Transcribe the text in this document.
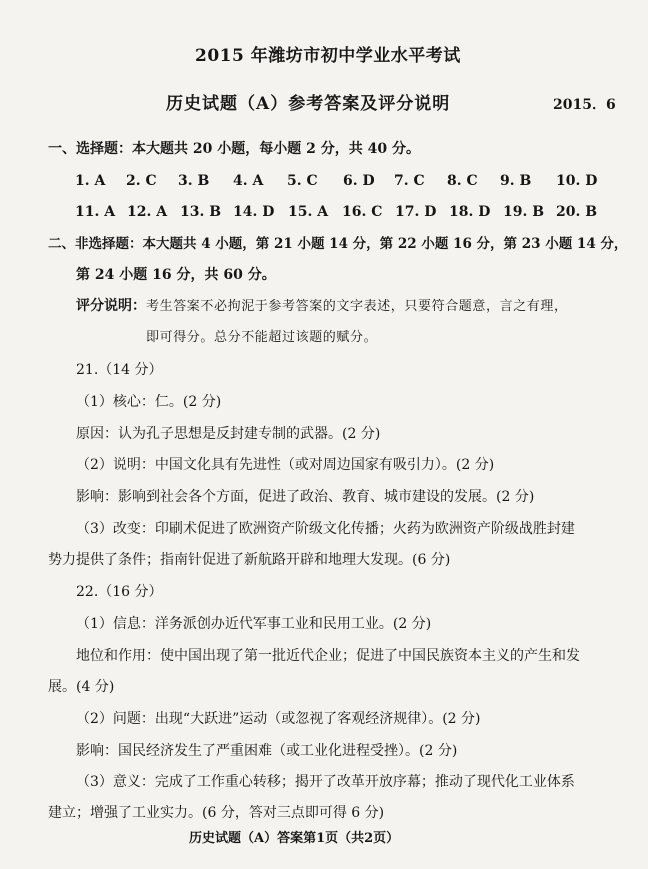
2015 年潍坊市初中学业水平考试
历史试题（A）参考答案及评分说明	2015．6
一、选择题：本大题共 20 小题，每小题 2 分，共 40 分。
1. A 2. C 3. B 4. A 5. C 6. D 7. C 8. C 9. B 10. D
11. A 12. A 13. B 14. D 15. A 16. C 17. D 18. D 19. B 20. B
二、非选择题：本大题共 4 小题，第 21 小题 14 分，第 22 小题 16 分，第 23 小题 14 分，
第 24 小题 16 分，共 60 分。
评分说明：考生答案不必拘泥于参考答案的文字表述，只要符合题意，言之有理，
即可得分。总分不能超过该题的赋分。
21.（14 分）
（1）核心：仁。(2 分)
原因：认为孔子思想是反封建专制的武器。(2 分)
（2）说明：中国文化具有先进性（或对周边国家有吸引力）。(2 分)
影响：影响到社会各个方面，促进了政治、教育、城市建设的发展。(2 分)
（3）改变：印刷术促进了欧洲资产阶级文化传播；火药为欧洲资产阶级战胜封建
势力提供了条件；指南针促进了新航路开辟和地理大发现。(6 分)
22.（16 分）
（1）信息：洋务派创办近代军事工业和民用工业。(2 分)
地位和作用：使中国出现了第一批近代企业；促进了中国民族资本主义的产生和发
展。(4 分)
（2）问题：出现“大跃进”运动（或忽视了客观经济规律）。(2 分)
影响：国民经济发生了严重困难（或工业化进程受挫）。(2 分)
（3）意义：完成了工作重心转移；揭开了改革开放序幕；推动了现代化工业体系
建立；增强了工业实力。(6 分，答对三点即可得 6 分)
历史试题（A）答案第1页（共2页）
